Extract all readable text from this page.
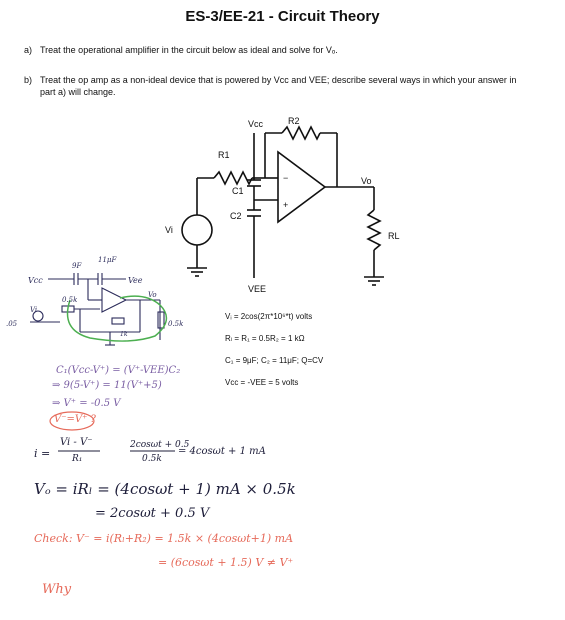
ES-3/EE-21 - Circuit Theory
a) Treat the operational amplifier in the circuit below as ideal and solve for Vₒ.
b) Treat the op amp as a non-ideal device that is powered by Vcc and VEE; describe several ways in which your answer in part a) will change.
Vcc	R2
R1
C1
C2
Vi
Vo
RL
VEE
−
+
Vcc	Vee
9F
11μF
0.5k
Vi
Vo
0.5k
1k
.05
Vᵢ = 2cos(2π*10⁶*t) volts
Rₗ = R₁ = 0.5R₂ = 1 kΩ
C₁ = 9μF; C₂ = 11μF; Q=CV
Vcc = -VEE = 5 volts
C₁(Vcc-V⁺) = (V⁺-VEE)C₂
⇒ 9(5-V⁺) = 11(V⁺+5)
⇒ V⁺ = -0.5 V
V⁻=V⁺ ?
i =
Vi - V⁻
R₁
2cosωt + 0.5
0.5k
= 4cosωt + 1 mA
Vₒ = iRₗ = (4cosωt + 1) mA × 0.5k
= 2cosωt + 0.5 V
Check: V⁻ = i(Rₗ+R₂) = 1.5k × (4cosωt+1) mA
= (6cosωt + 1.5) V ≠ V⁺
Why
